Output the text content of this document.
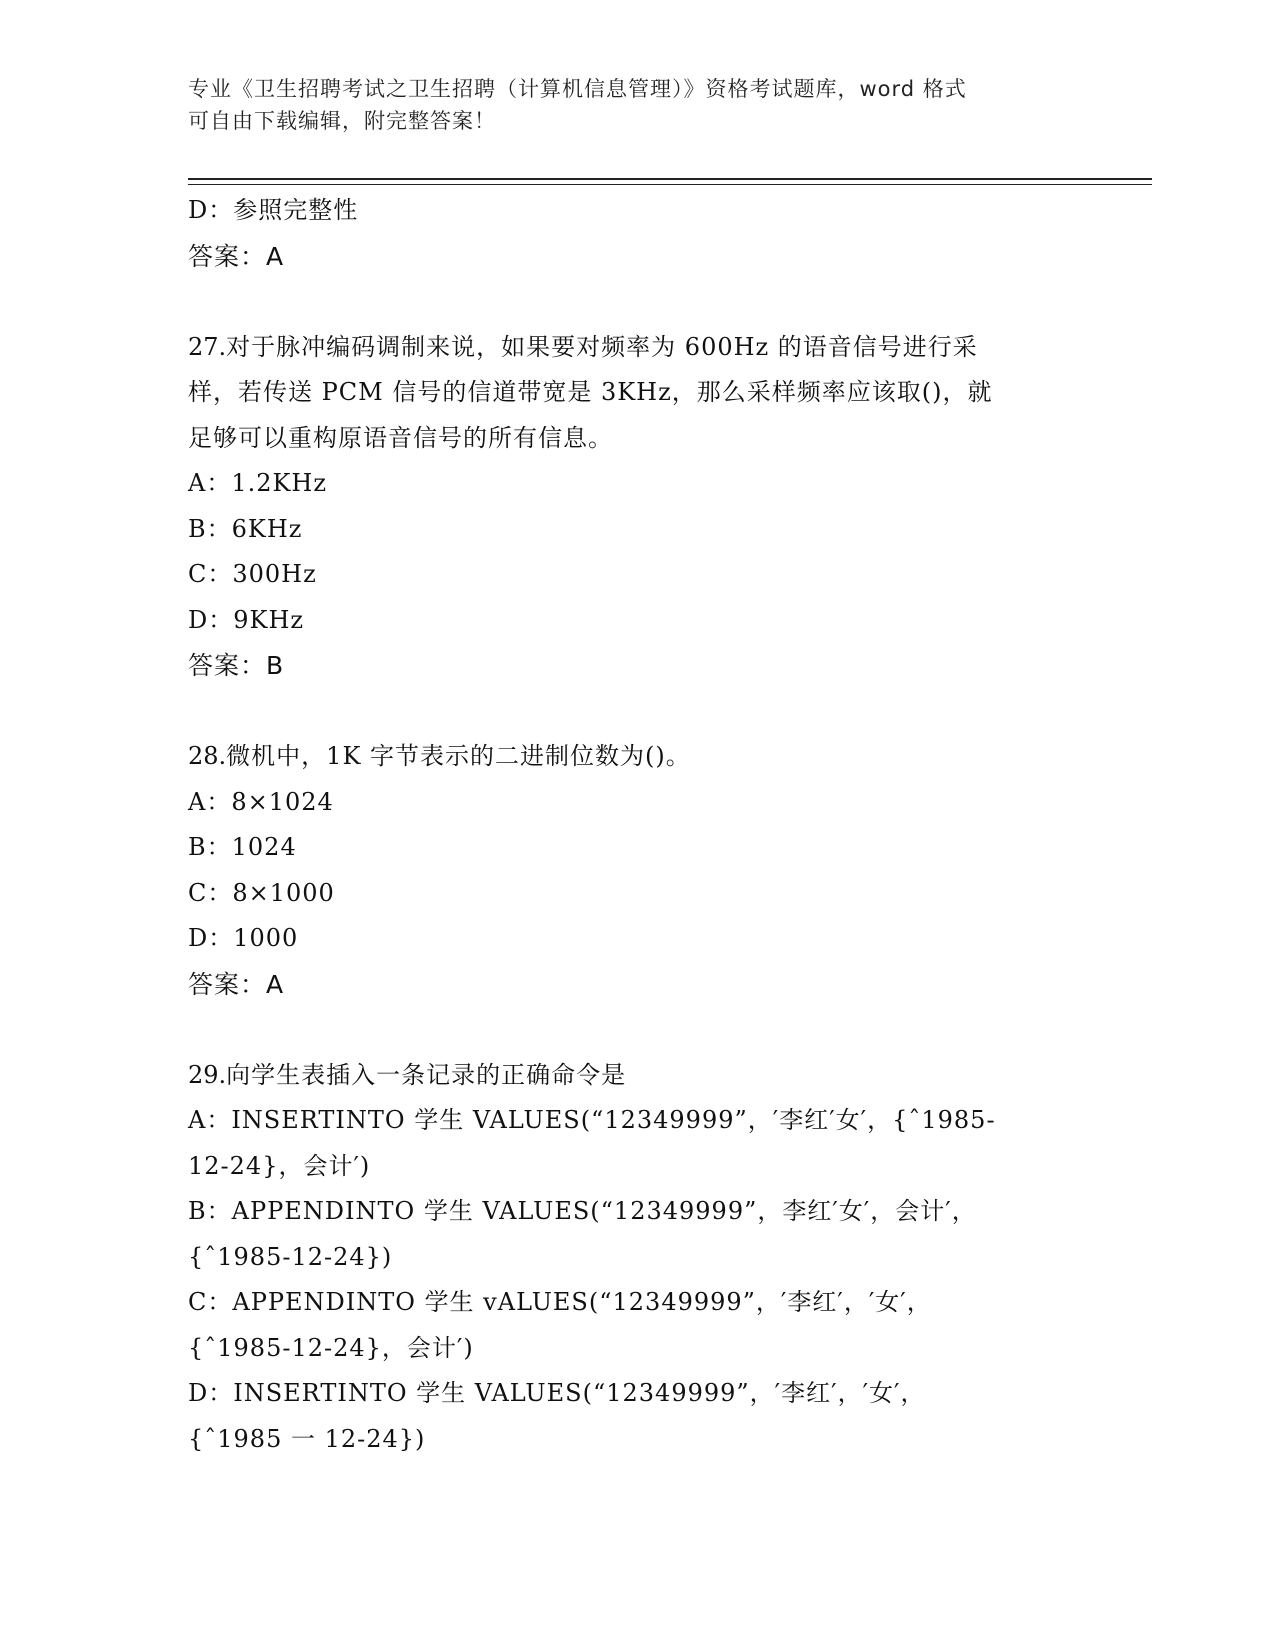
专业《卫生招聘考试之卫生招聘（计算机信息管理）》资格考试题库，word 格式
可自由下载编辑，附完整答案！
D：参照完整性
答案：A
27.对于脉冲编码调制来说，如果要对频率为 600Hz 的语音信号进行采
样，若传送 PCM 信号的信道带宽是 3KHz，那么采样频率应该取()，就
足够可以重构原语音信号的所有信息。
A：1.2KHz
B：6KHz
C：300Hz
D：9KHz
答案：B
28.微机中，1K 字节表示的二进制位数为()。
A：8×1024
B：1024
C：8×1000
D：1000
答案：A
29.向学生表插入一条记录的正确命令是
A：INSERTINTO 学生 VALUES(“12349999”，′李红′女′，{ˆ1985-
12-24}，会计′)
B：APPENDINTO 学生 VALUES(“12349999”，李红′女′，会计′，
{ˆ1985-12-24})
C：APPENDINTO 学生 vALUES(“12349999”，′李红′，′女′，
{ˆ1985-12-24}，会计′)
D：INSERTINTO 学生 VALUES(“12349999”，′李红′，′女′，
{ˆ1985 一 12-24})
